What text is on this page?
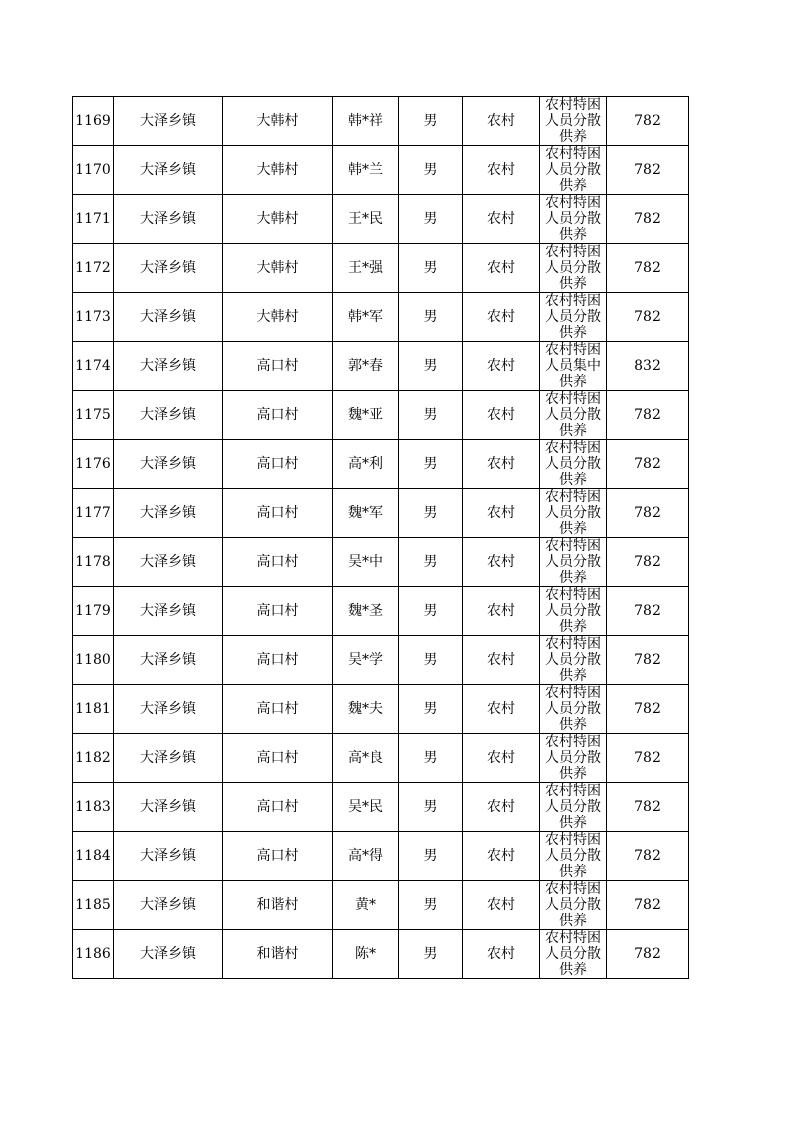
1169	大泽乡镇	大韩村	韩*祥	男	农村	农村特困人员分散供养	782
1170	大泽乡镇	大韩村	韩*兰	男	农村	农村特困人员分散供养	782
1171	大泽乡镇	大韩村	王*民	男	农村	农村特困人员分散供养	782
1172	大泽乡镇	大韩村	王*强	男	农村	农村特困人员分散供养	782
1173	大泽乡镇	大韩村	韩*军	男	农村	农村特困人员分散供养	782
1174	大泽乡镇	高口村	郭*春	男	农村	农村特困人员集中供养	832
1175	大泽乡镇	高口村	魏*亚	男	农村	农村特困人员分散供养	782
1176	大泽乡镇	高口村	高*利	男	农村	农村特困人员分散供养	782
1177	大泽乡镇	高口村	魏*军	男	农村	农村特困人员分散供养	782
1178	大泽乡镇	高口村	吴*中	男	农村	农村特困人员分散供养	782
1179	大泽乡镇	高口村	魏*圣	男	农村	农村特困人员分散供养	782
1180	大泽乡镇	高口村	吴*学	男	农村	农村特困人员分散供养	782
1181	大泽乡镇	高口村	魏*夫	男	农村	农村特困人员分散供养	782
1182	大泽乡镇	高口村	高*良	男	农村	农村特困人员分散供养	782
1183	大泽乡镇	高口村	吴*民	男	农村	农村特困人员分散供养	782
1184	大泽乡镇	高口村	高*得	男	农村	农村特困人员分散供养	782
1185	大泽乡镇	和谐村	黄*	男	农村	农村特困人员分散供养	782
1186	大泽乡镇	和谐村	陈*	男	农村	农村特困人员分散供养	782
